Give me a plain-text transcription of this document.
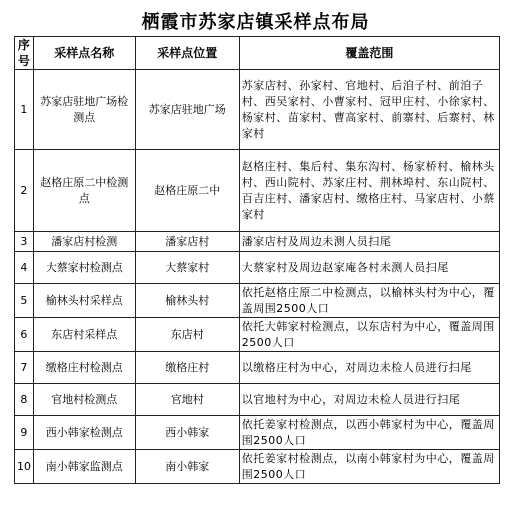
栖霞市苏家店镇采样点布局
序号	采样点名称	采样点位置	覆盖范围
1	苏家店驻地广场检测点	苏家店驻地广场	苏家店村、孙家村、官地村、后洎子村、前洎子村、西吴家村、小曹家村、冠甲庄村、小徐家村、杨家村、苗家村、曹高家村、前寨村、后寨村、林家村
2	赵格庄原二中检测点	赵格庄原二中	赵格庄村、集后村、集东沟村、杨家桥村、榆林头村、西山院村、苏家庄村、荆林埠村、东山院村、百吉庄村、潘家店村、缴格庄村、马家店村、小蔡家村
3	潘家店村检测	潘家店村	潘家店村及周边未测人员扫尾
4	大蔡家村检测点	大蔡家村	大蔡家村及周边赵家庵各村未测人员扫尾
5	榆林头村采样点	榆林头村	依托赵格庄原二中检测点，以榆林头村为中心，覆盖周围2500人口
6	东店村采样点	东店村	依托大韩家村检测点，以东店村为中心，覆盖周围2500人口
7	缴格庄村检测点	缴格庄村	以缴格庄村为中心，对周边未检人员进行扫尾
8	官地村检测点	官地村	以官地村为中心，对周边未检人员进行扫尾
9	西小韩家检测点	西小韩家	依托姜家村检测点，以西小韩家村为中心，覆盖周围2500人口
10	南小韩家监测点	南小韩家	依托姜家村检测点，以南小韩家村为中心，覆盖周围2500人口
